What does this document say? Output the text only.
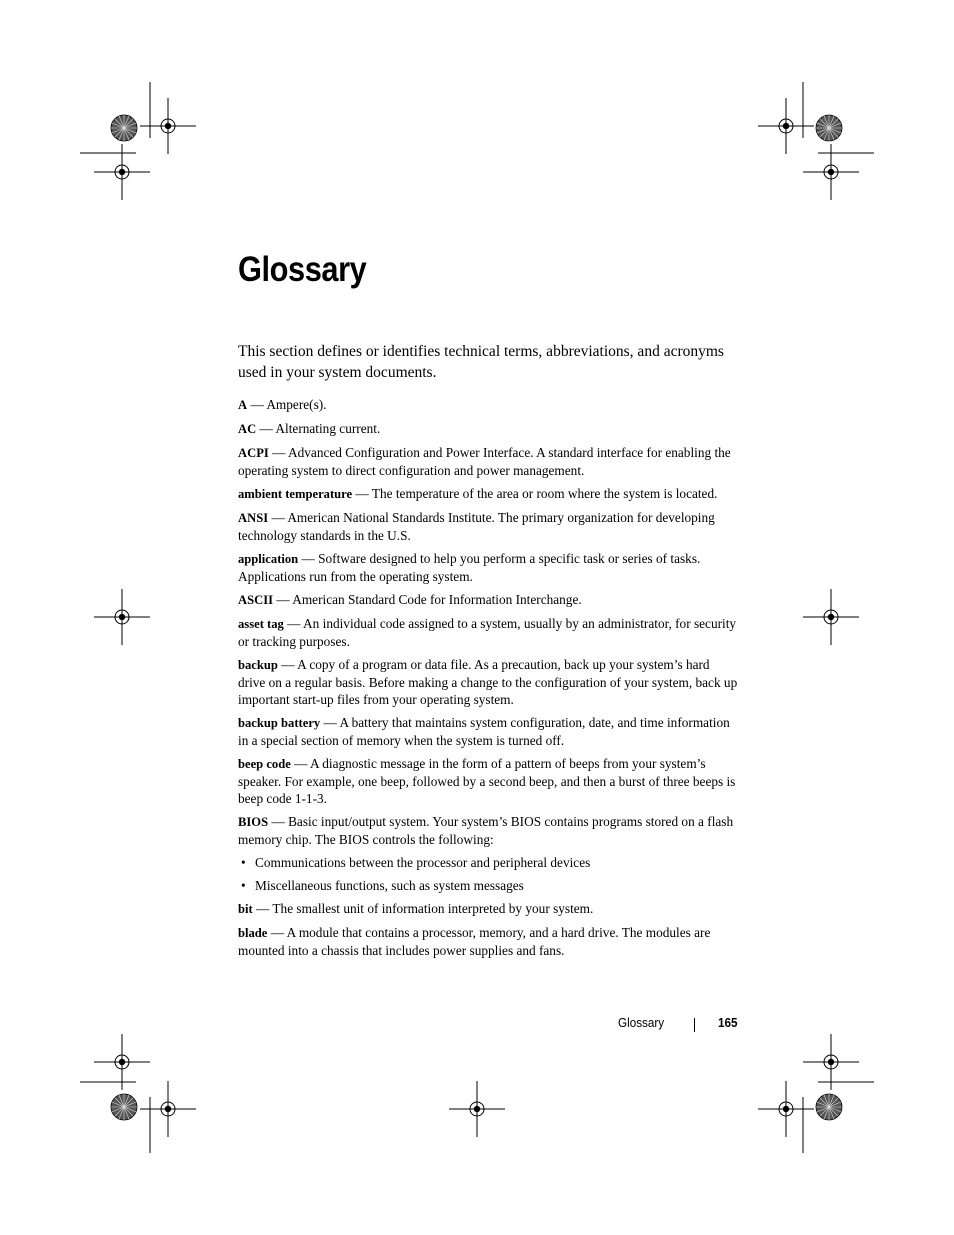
Glossary

This section defines or identifies technical terms, abbreviations, and acronyms used in your system documents.

A — Ampere(s).

AC — Alternating current.

ACPI — Advanced Configuration and Power Interface. A standard interface for enabling the operating system to direct configuration and power management.

ambient temperature — The temperature of the area or room where the system is located.

ANSI — American National Standards Institute. The primary organization for developing technology standards in the U.S.

application — Software designed to help you perform a specific task or series of tasks. Applications run from the operating system.

ASCII — American Standard Code for Information Interchange.

asset tag — An individual code assigned to a system, usually by an administrator, for security or tracking purposes.

backup — A copy of a program or data file. As a precaution, back up your system’s hard drive on a regular basis. Before making a change to the configuration of your system, back up important start-up files from your operating system.

backup battery — A battery that maintains system configuration, date, and time information in a special section of memory when the system is turned off.

beep code — A diagnostic message in the form of a pattern of beeps from your system’s speaker. For example, one beep, followed by a second beep, and then a burst of three beeps is beep code 1-1-3.

BIOS — Basic input/output system. Your system’s BIOS contains programs stored on a flash memory chip. The BIOS controls the following:

• Communications between the processor and peripheral devices
• Miscellaneous functions, such as system messages

bit — The smallest unit of information interpreted by your system.

blade — A module that contains a processor, memory, and a hard drive. The modules are mounted into a chassis that includes power supplies and fans.

Glossary	165
